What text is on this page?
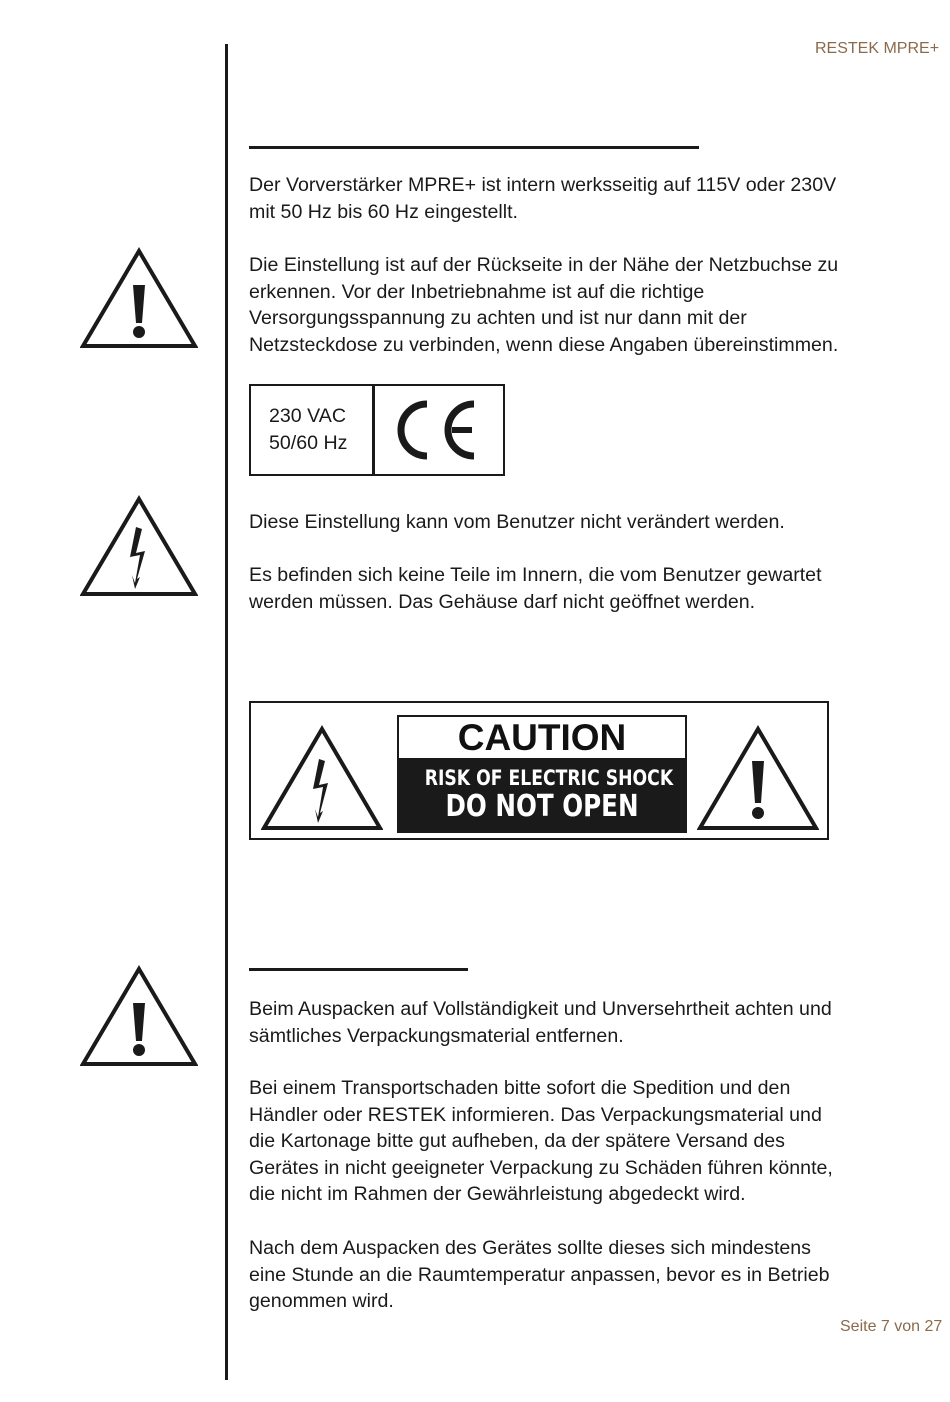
RESTEK MPRE+
Seite 7 von 27
Der Vorverstärker MPRE+ ist intern werksseitig auf 115V oder 230V
mit 50 Hz bis 60 Hz eingestellt.
Die Einstellung ist auf der Rückseite in der Nähe der Netzbuchse zu
erkennen. Vor der Inbetriebnahme ist auf die richtige
Versorgungsspannung zu achten und ist nur dann mit der
Netzsteckdose zu verbinden, wenn diese Angaben übereinstimmen.
230 VAC
50/60 Hz
Diese Einstellung kann vom Benutzer nicht verändert werden.
Es befinden sich keine Teile im Innern, die vom Benutzer gewartet
werden müssen. Das Gehäuse darf nicht geöffnet werden.
CAUTION
RISK OF ELECTRIC SHOCK
DO NOT OPEN
Beim Auspacken auf Vollständigkeit und Unversehrtheit achten und
sämtliches Verpackungsmaterial entfernen.
Bei einem Transportschaden bitte sofort die Spedition und den
Händler oder RESTEK informieren. Das Verpackungsmaterial und
die Kartonage bitte gut aufheben, da der spätere Versand des
Gerätes in nicht geeigneter Verpackung zu Schäden führen könnte,
die nicht im Rahmen der Gewährleistung abgedeckt wird.
Nach dem Auspacken des Gerätes sollte dieses sich mindestens
eine Stunde an die Raumtemperatur anpassen, bevor es in Betrieb
genommen wird.
